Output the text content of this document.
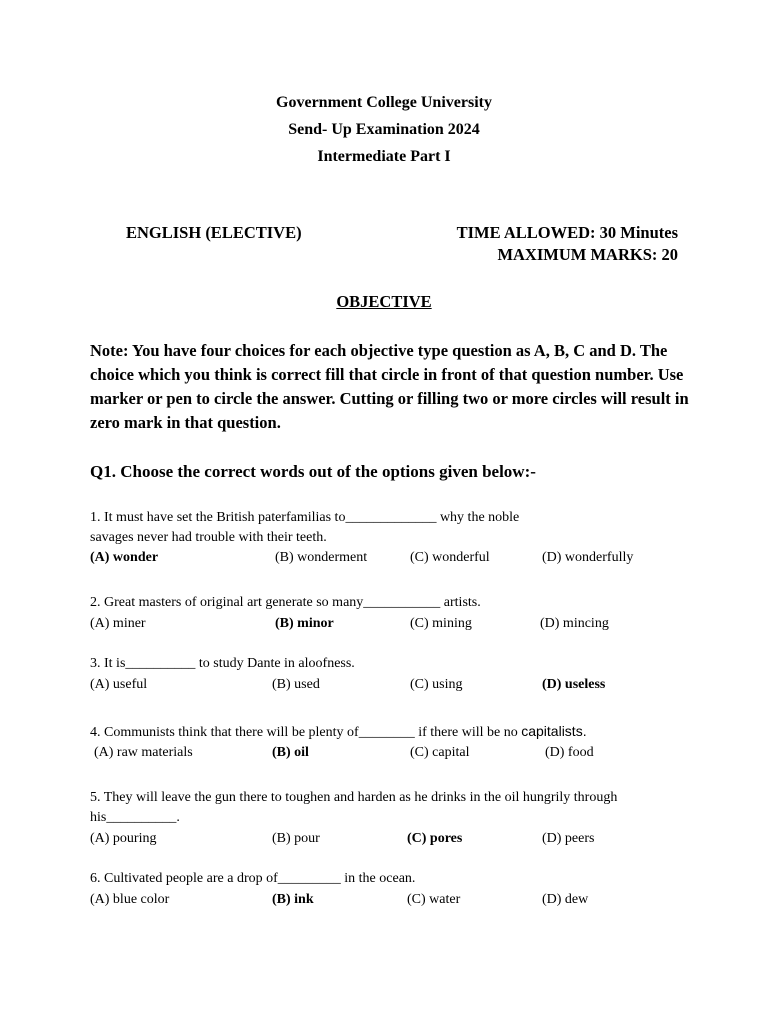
Government College University
Send- Up Examination 2024
Intermediate Part I
ENGLISH (ELECTIVE)	TIME ALLOWED: 30 Minutes
MAXIMUM MARKS: 20
OBJECTIVE
Note: You have four choices for each objective type question as A, B, C and D. The choice which you think is correct fill that circle in front of that question number. Use marker or pen to circle the answer. Cutting or filling two or more circles will result in zero mark in that question.
Q1. Choose the correct words out of the options given below:-
1. It must have set the British paterfamilias to_____________ why the noble
savages never had trouble with their teeth.
(A) wonder	(B) wonderment	(C) wonderful	(D) wonderfully
2. Great masters of original art generate so many___________ artists.
(A) miner	(B) minor	(C) mining	(D) mincing
3. It is__________ to study Dante in aloofness.
(A) useful	(B) used	(C) using	(D) useless
4. Communists think that there will be plenty of________ if there will be no capitalists.
(A) raw materials	(B) oil	(C) capital	(D) food
5. They will leave the gun there to toughen and harden as he drinks in the oil hungrily through
his__________.
(A) pouring	(B) pour	(C) pores	(D) peers
6. Cultivated people are a drop of_________ in the ocean.
(A) blue color	(B) ink	(C) water	(D) dew
